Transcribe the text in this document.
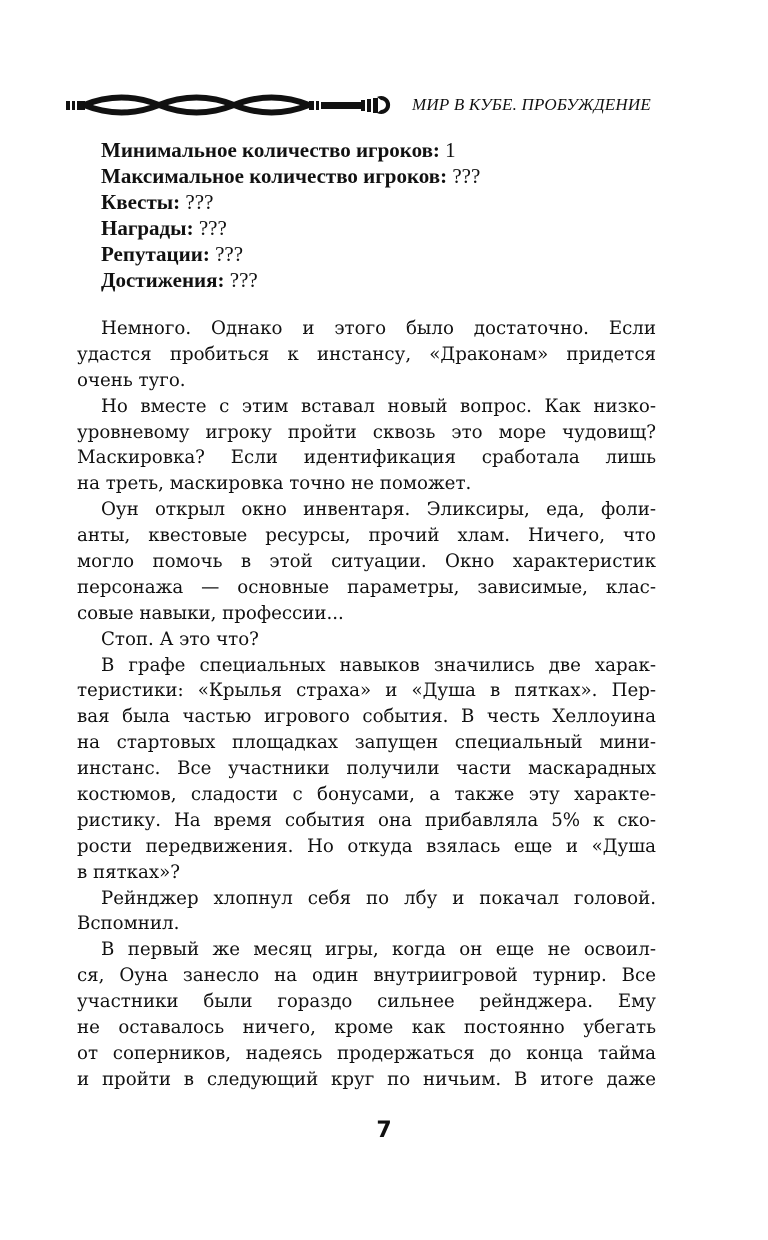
МИР В КУБЕ. ПРОБУЖДЕНИЕ
Минимальное количество игроков: 1
Максимальное количество игроков: ???
Квесты: ???
Награды: ???
Репутации: ???
Достижения: ???
Немного. Однако и этого было достаточно. Если
удастся пробиться к инстансу, «Драконам» придется
очень туго.
Но вместе с этим вставал новый вопрос. Как низко-
уровневому игроку пройти сквозь это море чудовищ?
Маскировка? Если идентификация сработала лишь
на треть, маскировка точно не поможет.
Оун открыл окно инвентаря. Эликсиры, еда, фоли-
анты, квестовые ресурсы, прочий хлам. Ничего, что
могло помочь в этой ситуации. Окно характеристик
персонажа — основные параметры, зависимые, клас-
совые навыки, профессии...
Стоп. А это что?
В графе специальных навыков значились две харак-
теристики: «Крылья страха» и «Душа в пятках». Пер-
вая была частью игрового события. В честь Хеллоуина
на стартовых площадках запущен специальный мини-
инстанс. Все участники получили части маскарадных
костюмов, сладости с бонусами, а также эту характе-
ристику. На время события она прибавляла 5% к ско-
рости передвижения. Но откуда взялась еще и «Душа
в пятках»?
Рейнджер хлопнул себя по лбу и покачал головой.
Вспомнил.
В первый же месяц игры, когда он еще не освоил-
ся, Оуна занесло на один внутриигровой турнир. Все
участники были гораздо сильнее рейнджера. Ему
не оставалось ничего, кроме как постоянно убегать
от соперников, надеясь продержаться до конца тайма
и пройти в следующий круг по ничьим. В итоге даже
7
